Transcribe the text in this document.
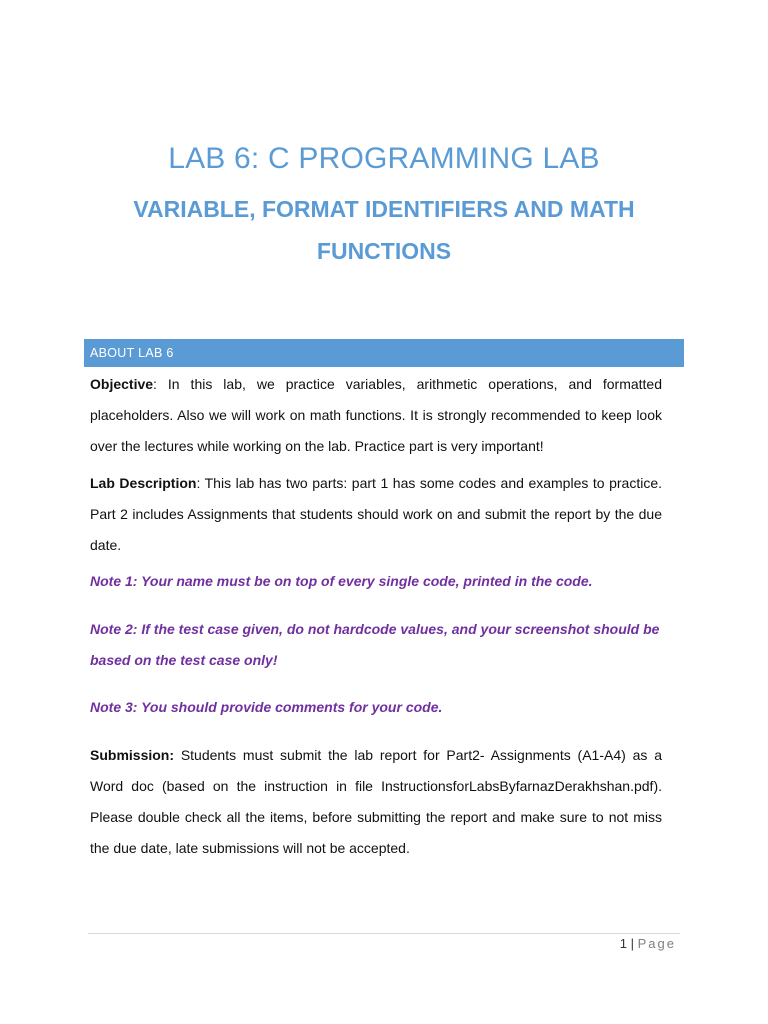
LAB 6: C PROGRAMMING LAB
VARIABLE, FORMAT IDENTIFIERS AND MATH FUNCTIONS
ABOUT LAB 6

Objective: In this lab, we practice variables, arithmetic operations, and formatted placeholders. Also we will work on math functions. It is strongly recommended to keep look over the lectures while working on the lab. Practice part is very important!

Lab Description: This lab has two parts: part 1 has some codes and examples to practice. Part 2 includes Assignments that students should work on and submit the report by the due date.

Note 1: Your name must be on top of every single code, printed in the code.

Note 2: If the test case given, do not hardcode values, and your screenshot should be based on the test case only!

Note 3: You should provide comments for your code.

Submission: Students must submit the lab report for Part2- Assignments (A1-A4) as a Word doc (based on the instruction in file InstructionsforLabsByfarnazDerakhshan.pdf). Please double check all the items, before submitting the report and make sure to not miss the due date, late submissions will not be accepted.

1 | Page
